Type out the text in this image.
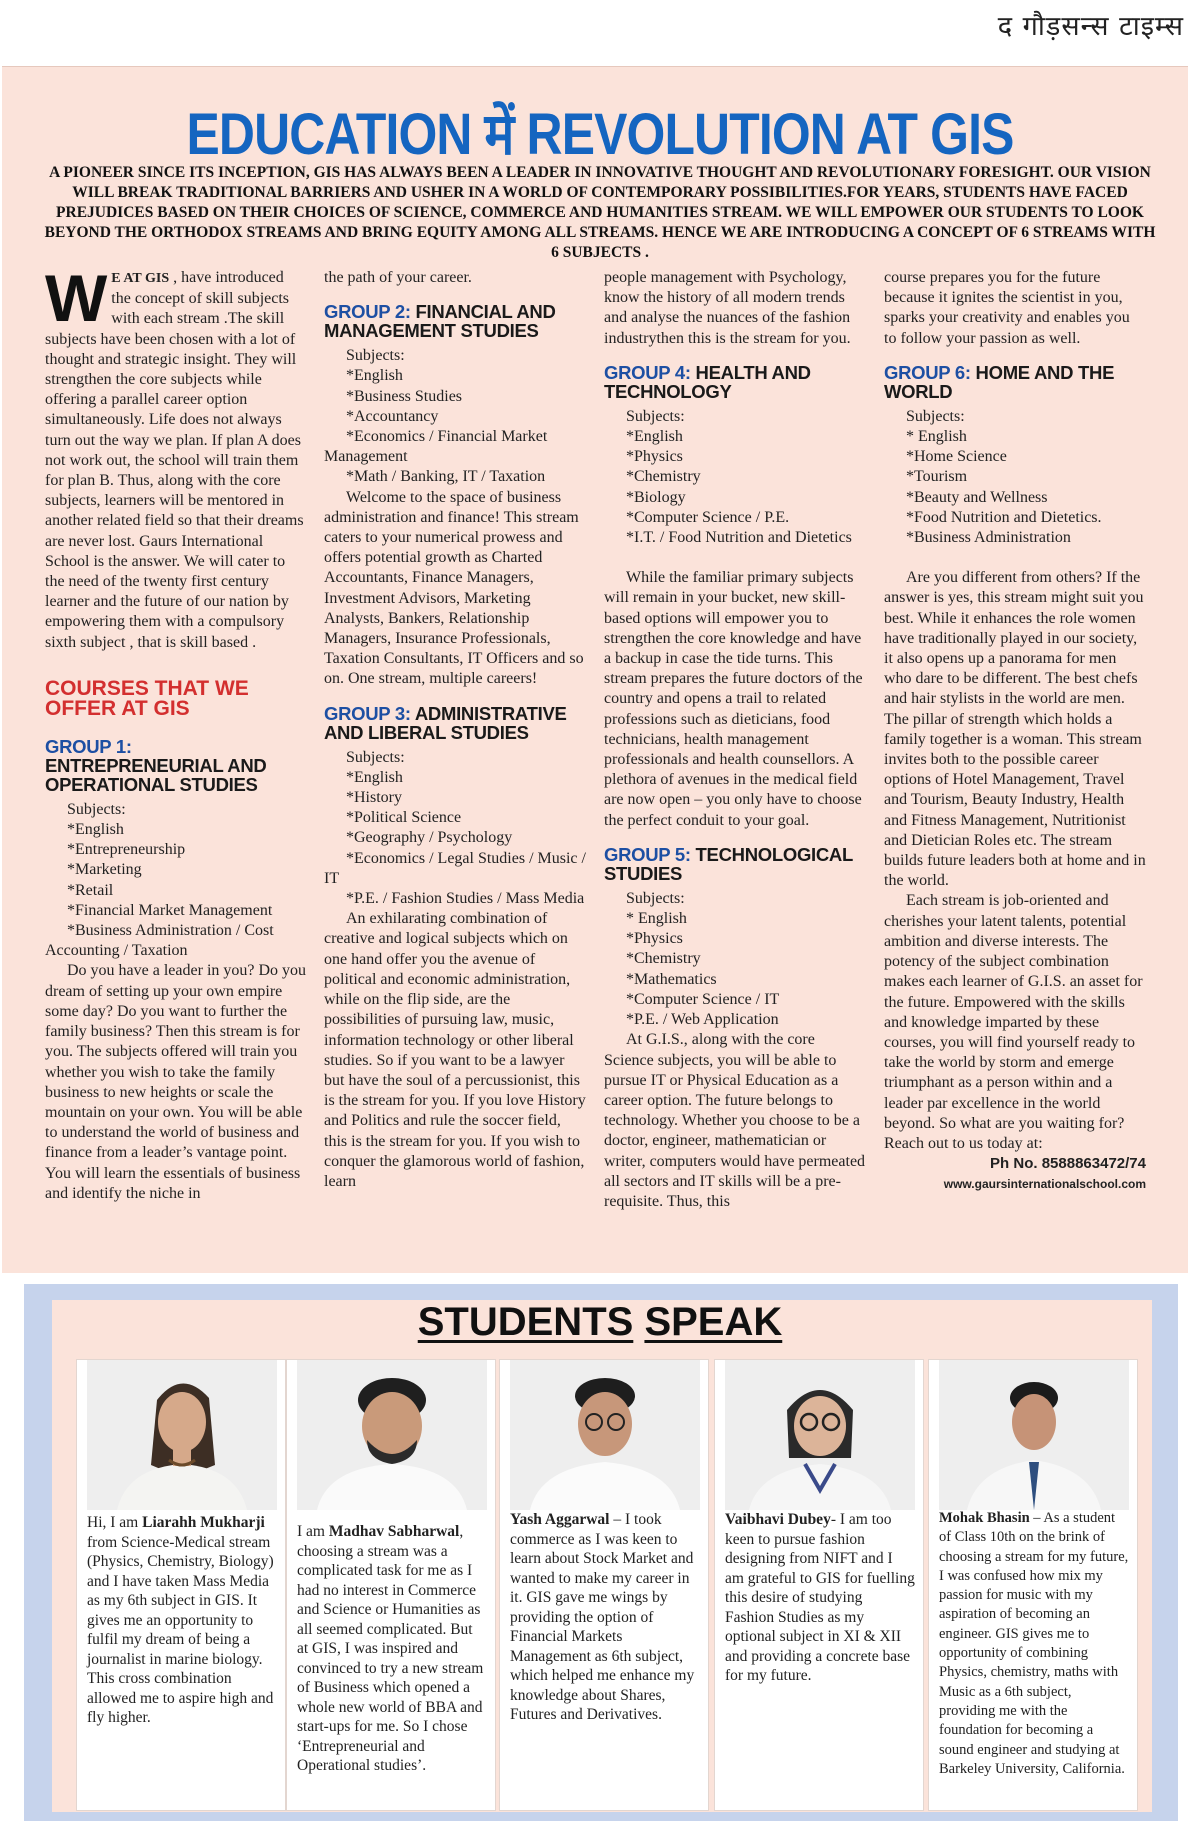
द गौड़सन्स टाइम्स
EDUCATION में REVOLUTION AT GIS
A PIONEER SINCE ITS INCEPTION, GIS HAS ALWAYS BEEN A LEADER IN INNOVATIVE THOUGHT AND REVOLUTIONARY FORESIGHT. OUR VISION WILL BREAK TRADITIONAL BARRIERS AND USHER IN A WORLD OF CONTEMPORARY POSSIBILITIES.FOR YEARS, STUDENTS HAVE FACED PREJUDICES BASED ON THEIR CHOICES OF SCIENCE, COMMERCE AND HUMANITIES STREAM. WE WILL EMPOWER OUR STUDENTS TO LOOK BEYOND THE ORTHODOX STREAMS AND BRING EQUITY AMONG ALL STREAMS. HENCE WE ARE INTRODUCING A CONCEPT OF 6 STREAMS WITH 6 SUBJECTS .

W E AT GIS , have introduced the concept of skill subjects with each stream .The skill subjects have been chosen with a lot of thought and strategic insight. They will strengthen the core subjects while offering a parallel career option simultaneously. Life does not always turn out the way we plan. If plan A does not work out, the school will train them for plan B. Thus, along with the core subjects, learners will be mentored in another related field so that their dreams are never lost. Gaurs International School is the answer. We will cater to the need of the twenty first century learner and the future of our nation by empowering them with a compulsory sixth subject , that is skill based .

COURSES THAT WE OFFER AT GIS
GROUP 1: ENTREPRENEURIAL AND OPERATIONAL STUDIES

Subjects:

*English

*Entrepreneurship

*Marketing

*Retail

*Financial Market Management

*Business Administration / Cost Accounting / Taxation

Do you have a leader in you? Do you dream of setting up your own empire some day? Do you want to further the family business? Then this stream is for you. The subjects offered will train you whether you wish to take the family business to new heights or scale the mountain on your own. You will be able to understand the world of business and finance from a leader’s vantage point. You will learn the essentials of business and identify the niche in

the path of your career.

GROUP 2: FINANCIAL AND MANAGEMENT STUDIES

Subjects:

*English

*Business Studies

*Accountancy

*Economics / Financial Market Management

*Math / Banking, IT / Taxation

Welcome to the space of business administration and finance! This stream caters to your numerical prowess and offers potential growth as Charted Accountants, Finance Managers, Investment Advisors, Marketing Analysts, Bankers, Relationship Managers, Insurance Professionals, Taxation Consultants, IT Officers and so on. One stream, multiple careers!

GROUP 3: ADMINISTRATIVE AND LIBERAL STUDIES

Subjects:

*English

*History

*Political Science

*Geography / Psychology

*Economics / Legal Studies / Music / IT

*P.E. / Fashion Studies / Mass Media

An exhilarating combination of creative and logical subjects which on one hand offer you the avenue of political and economic administration, while on the flip side, are the possibilities of pursuing law, music, information technology or other liberal studies. So if you want to be a lawyer but have the soul of a percussionist, this is the stream for you. If you love History and Politics and rule the soccer field, this is the stream for you. If you wish to conquer the glamorous world of fashion, learn

people management with Psychology, know the history of all modern trends and analyse the nuances of the fashion industrythen this is the stream for you.

GROUP 4: HEALTH AND TECHNOLOGY

Subjects:

*English

*Physics

*Chemistry

*Biology

*Computer Science / P.E.

*I.T. / Food Nutrition and Dietetics

While the familiar primary subjects will remain in your bucket, new skill-based options will empower you to strengthen the core knowledge and have a backup in case the tide turns. This stream prepares the future doctors of the country and opens a trail to related professions such as dieticians, food technicians, health management professionals and health counsellors. A plethora of avenues in the medical field are now open – you only have to choose the perfect conduit to your goal.

GROUP 5: TECHNOLOGICAL STUDIES

Subjects:

* English

*Physics

*Chemistry

*Mathematics

*Computer Science / IT

*P.E. / Web Application

At G.I.S., along with the core Science subjects, you will be able to pursue IT or Physical Education as a career option. The future belongs to technology. Whether you choose to be a doctor, engineer, mathematician or writer, computers would have permeated all sectors and IT skills will be a pre-requisite. Thus, this

course prepares you for the future because it ignites the scientist in you, sparks your creativity and enables you to follow your passion as well.

GROUP 6: HOME AND THE WORLD

Subjects:

* English

*Home Science

*Tourism

*Beauty and Wellness

*Food Nutrition and Dietetics.

*Business Administration

Are you different from others? If the answer is yes, this stream might suit you best. While it enhances the role women have traditionally played in our society, it also opens up a panorama for men who dare to be different. The best chefs and hair stylists in the world are men. The pillar of strength which holds a family together is a woman. This stream invites both to the possible career options of Hotel Management, Travel and Tourism, Beauty Industry, Health and Fitness Management, Nutritionist and Dietician Roles etc. The stream builds future leaders both at home and in the world.

Each stream is job-oriented and cherishes your latent talents, potential ambition and diverse interests. The potency of the subject combination makes each learner of G.I.S. an asset for the future. Empowered with the skills and knowledge imparted by these courses, you will find yourself ready to take the world by storm and emerge triumphant as a person within and a leader par excellence in the world beyond. So what are you waiting for? Reach out to us today at:

Ph No. 8588863472/74

www.gaursinternationalschool.com

STUDENTS SPEAK
Hi, I am Liarahh Mukharji from Science-Medical stream (Physics, Chemistry, Biology) and I have taken Mass Media as my 6th subject in GIS. It gives me an opportunity to fulfil my dream of being a journalist in marine biology. This cross combination allowed me to aspire high and fly higher.
I am Madhav Sabharwal, choosing a stream was a complicated task for me as I had no interest in Commerce and Science or Humanities as all seemed complicated. But at GIS, I was inspired and convinced to try a new stream of Business which opened a whole new world of BBA and start-ups for me. So I chose ‘Entrepreneurial and Operational studies’.
Yash Aggarwal – I took commerce as I was keen to learn about Stock Market and wanted to make my career in it. GIS gave me wings by providing the option of Financial Markets Management as 6th subject, which helped me enhance my knowledge about Shares, Futures and Derivatives.
Vaibhavi Dubey- I am too keen to pursue fashion designing from NIFT and I am grateful to GIS for fuelling this desire of studying Fashion Studies as my optional subject in XI & XII and providing a concrete base for my future.
Mohak Bhasin – As a student of Class 10th on the brink of choosing a stream for my future, I was confused how mix my passion for music with my aspiration of becoming an engineer. GIS gives me to opportunity of combining Physics, chemistry, maths with Music as a 6th subject, providing me with the foundation for becoming a sound engineer and studying at Barkeley University, California.
